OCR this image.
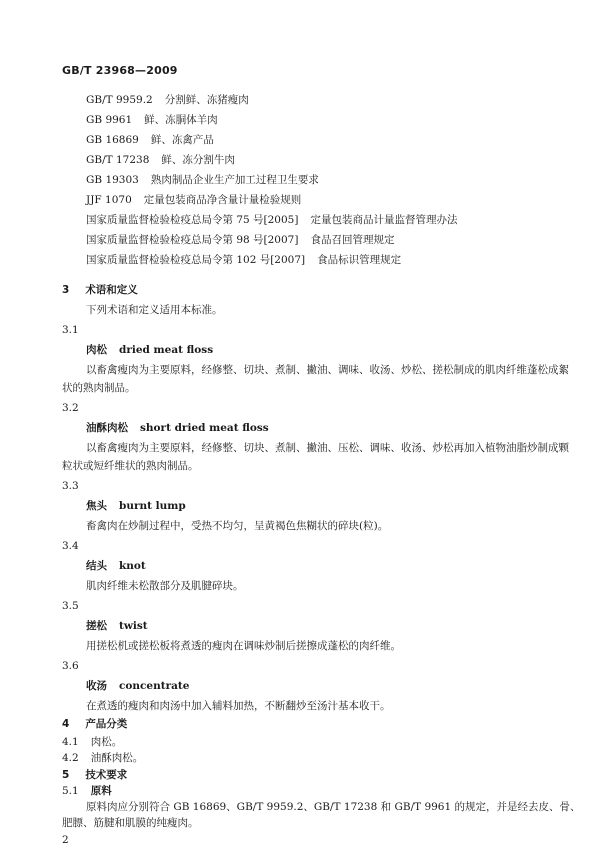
GB/T 23968—2009
GB/T 9959.2 分割鲜、冻猪瘦肉
GB 9961 鲜、冻胴体羊肉
GB 16869 鲜、冻禽产品
GB/T 17238 鲜、冻分割牛肉
GB 19303 熟肉制品企业生产加工过程卫生要求
JJF 1070 定量包装商品净含量计量检验规则
国家质量监督检验检疫总局令第 75 号[2005] 定量包装商品计量监督管理办法
国家质量监督检验检疫总局令第 98 号[2007] 食品召回管理规定
国家质量监督检验检疫总局令第 102 号[2007] 食品标识管理规定
3 术语和定义
下列术语和定义适用本标准。
3.1
肉松 dried meat floss
以畜禽瘦肉为主要原料，经修整、切块、煮制、撇油、调味、收汤、炒松、搓松制成的肌肉纤维蓬松成絮
状的熟肉制品。
3.2
油酥肉松 short dried meat floss
以畜禽瘦肉为主要原料，经修整、切块、煮制、撇油、压松、调味、收汤、炒松再加入植物油脂炒制成颗
粒状或短纤维状的熟肉制品。
3.3
焦头 burnt lump
畜禽肉在炒制过程中，受热不均匀，呈黄褐色焦糊状的碎块(粒)。
3.4
结头 knot
肌肉纤维未松散部分及肌腱碎块。
3.5
搓松 twist
用搓松机或搓松板将煮透的瘦肉在调味炒制后搓擦成蓬松的肉纤维。
3.6
收汤 concentrate
在煮透的瘦肉和肉汤中加入辅料加热，不断翻炒至汤汁基本收干。
4 产品分类
4.1 肉松。
4.2 油酥肉松。
5 技术要求
5.1 原料
原料肉应分别符合 GB 16869、GB/T 9959.2、GB/T 17238 和 GB/T 9961 的规定，并是经去皮、骨、
肥膘、筋腱和肌膜的纯瘦肉。
2
